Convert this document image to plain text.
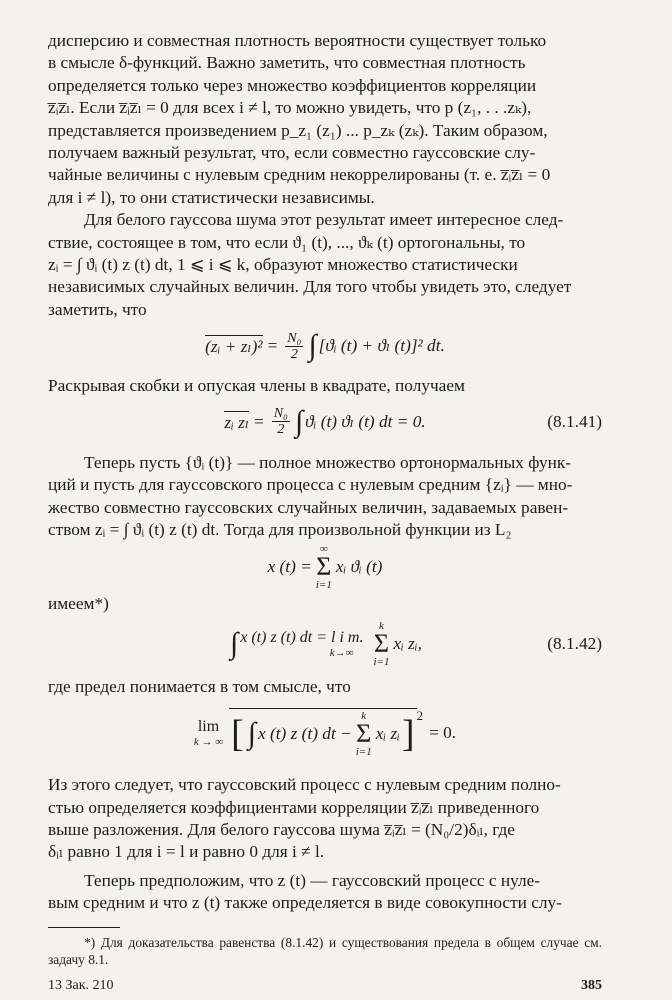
дисперсию и совместная плотность вероятности существует только

в смысле δ-функций. Важно заметить, что совместная плотность

определяется только через множество коэффициентов корреляции

z̅ᵢz̅ₗ. Если z̅ᵢz̅ₗ = 0 для всех i ≠ l, то можно увидеть, что p (z₁, . . .zₖ),

представляется произведением p_z₁ (z₁) ... p_zₖ (zₖ). Таким образом,

получаем важный результат, что, если совместно гауссовские слу-

чайные величины с нулевым средним некоррелированы (т. е. z̅ᵢz̅ₗ = 0

для i ≠ l), то они статистически независимы.

Для белого гауссова шума этот результат имеет интересное след-

ствие, состоящее в том, что если ϑ₁ (t), ..., ϑₖ (t) ортогональны, то

zᵢ = ∫ ϑᵢ (t) z (t) dt, 1 ⩽ i ⩽ k, образуют множество статистически

независимых случайных величин. Для того чтобы увидеть это, следует

заметить, что

(zᵢ + $z_l)^2 = \frac{\text{N₀}}{2}$ ∫ [ϑᵢ (t) + ϑₗ (t)]² dt.

Раскрывая скобки и опуская члены в квадрате, получаем

zᵢ $z_l = \frac{\text{N₀}}{2}$ ∫ ϑᵢ (t) ϑₗ (t) dt = 0.	(8.1.41)

Теперь пусть {ϑᵢ (t)} — полное множество ортонормальных функ-

ций и пусть для гауссовского процесса с нулевым средним {zᵢ} — мно-

жество совместно гауссовских случайных величин, задаваемых равен-

ством zᵢ = ∫ ϑᵢ (t) z (t) dt. Тогда для произвольной функции из L₂

x (t) =
∞
Σ
i=1
xᵢ ϑᵢ (t)

имеем*)

∫ x (t) z (t) dt = l i m.
k→∞
k
Σ
i=1
xᵢ zᵢ,	(8.1.42)

где предел понимается в том смысле, что

lim
k → ∞ [ ∫ x (t) z (t) dt −
k
Σ
i=1
xᵢ zᵢ ]$^2$
= 0.

Из этого следует, что гауссовский процесс с нулевым средним полно-

стью определяется коэффициентами корреляции z̅ᵢz̅ₗ приведенного

выше разложения. Для белого гауссова шума z̅ᵢz̅ₗ = (N₀/2)δᵢₗ, где

δᵢₗ равно 1 для i = l и равно 0 для i ≠ l.

Теперь предположим, что z (t) — гауссовский процесс с нуле-

вым средним и что z (t) также определяется в виде совокупности слу-

*) Для доказательства равенства (8.1.42) и существования предела в общем случае см. задачу 8.1.

13 Зак. 210	385
